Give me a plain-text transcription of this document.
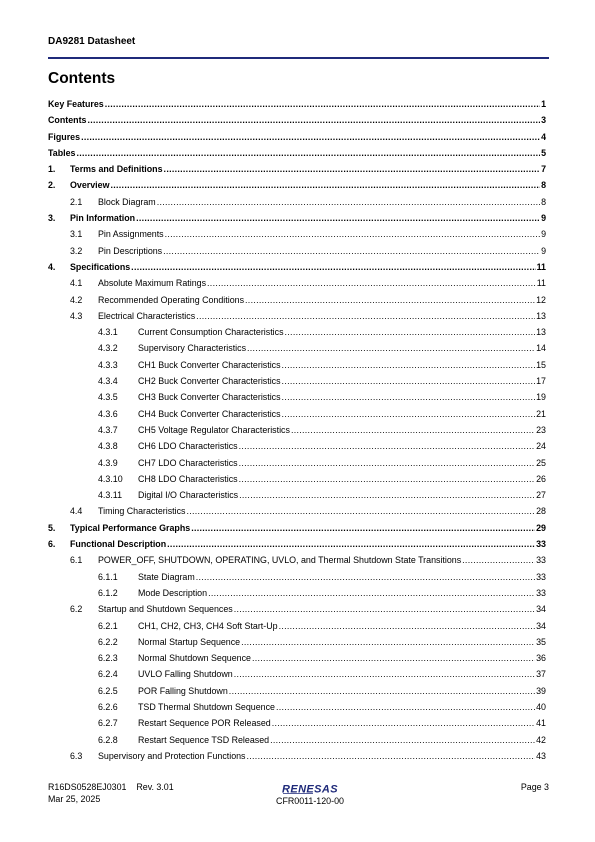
DA9281 Datasheet
Contents
Key Features .....	1
Contents .....	3
Figures .....	4
Tables .....	5
1.	Terms and Definitions .....	7
2.	Overview .....	8
2.1	Block Diagram .....	8
3.	Pin Information .....	9
3.1	Pin Assignments .....	9
3.2	Pin Descriptions .....	9
4.	Specifications .....	11
4.1	Absolute Maximum Ratings .....	11
4.2	Recommended Operating Conditions .....	12
4.3	Electrical Characteristics .....	13
4.3.1	Current Consumption Characteristics .....	13
4.3.2	Supervisory Characteristics .....	14
4.3.3	CH1 Buck Converter Characteristics .....	15
4.3.4	CH2 Buck Converter Characteristics .....	17
4.3.5	CH3 Buck Converter Characteristics .....	19
4.3.6	CH4 Buck Converter Characteristics .....	21
4.3.7	CH5 Voltage Regulator Characteristics .....	23
4.3.8	CH6 LDO Characteristics .....	24
4.3.9	CH7 LDO Characteristics .....	25
4.3.10	CH8 LDO Characteristics .....	26
4.3.11	Digital I/O Characteristics .....	27
4.4	Timing Characteristics .....	28
5.	Typical Performance Graphs .....	29
6.	Functional Description .....	33
6.1	POWER_OFF, SHUTDOWN, OPERATING, UVLO, and Thermal Shutdown State Transitions .....	33
6.1.1	State Diagram .....	33
6.1.2	Mode Description .....	33
6.2	Startup and Shutdown Sequences .....	34
6.2.1	CH1, CH2, CH3, CH4 Soft Start-Up .....	34
6.2.2	Normal Startup Sequence .....	35
6.2.3	Normal Shutdown Sequence .....	36
6.2.4	UVLO Falling Shutdown .....	37
6.2.5	POR Falling Shutdown .....	39
6.2.6	TSD Thermal Shutdown Sequence .....	40
6.2.7	Restart Sequence POR Released .....	41
6.2.8	Restart Sequence TSD Released .....	42
6.3	Supervisory and Protection Functions .....	43
R16DS0528EJ0301 Rev. 3.01
Mar 25, 2025
RENESAS
CFR0011-120-00
Page 3
